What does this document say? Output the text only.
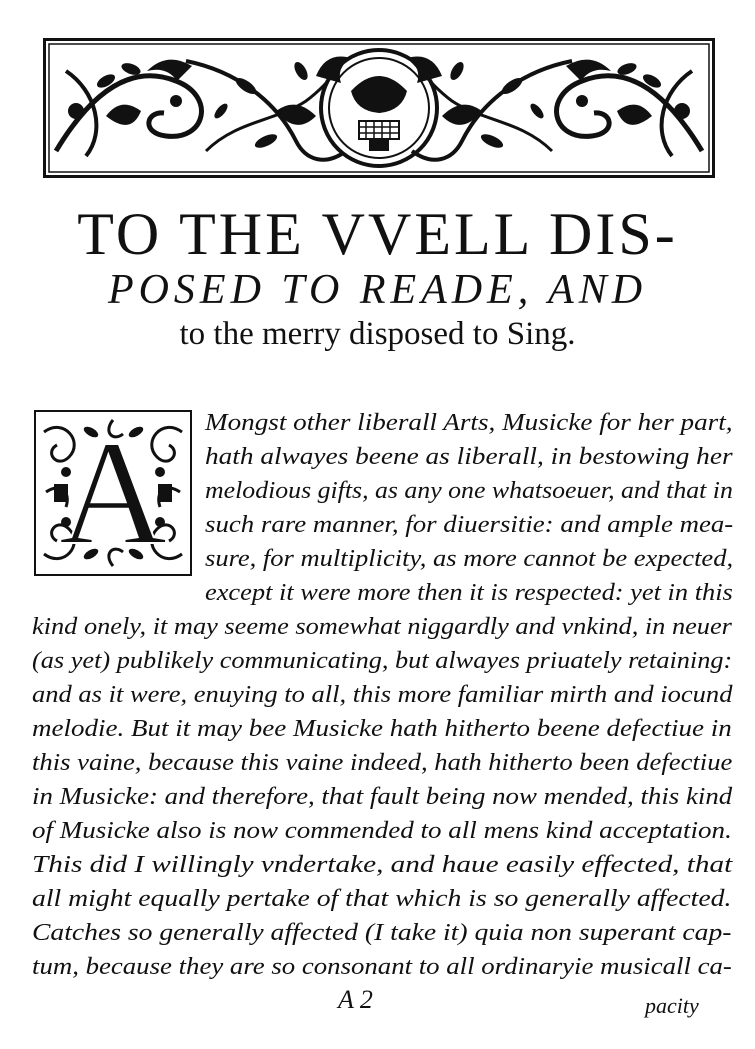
TO THE VVELL DIS-
POSED TO READE, AND
to the merry disposed to Sing.
A	Mongst other liberall Arts, Musicke for her part,
hath alwayes beene as liberall, in bestowing her
melodious gifts, as any one whatsoeuer, and that in
such rare manner, for diuersitie: and ample mea-
sure, for multiplicity, as more cannot be expected,
except it were more then it is respected: yet in this
kind onely, it may seeme somewhat niggardly and vnkind, in neuer
(as yet) publikely communicating, but alwayes priuately retaining:
and as it were, enuying to all, this more familiar mirth and iocund
melodie. But it may bee Musicke hath hitherto beene defectiue in
this vaine, because this vaine indeed, hath hitherto been defectiue
in Musicke: and therefore, that fault being now mended, this kind
of Musicke also is now commended to all mens kind acceptation.
This did I willingly vndertake, and haue easily effected, that
all might equally pertake of that which is so generally affected.
Catches so generally affected (I take it) quia non superant cap-
tum, because they are so consonant to all ordinaryie musicall ca-
A 2	pacity
